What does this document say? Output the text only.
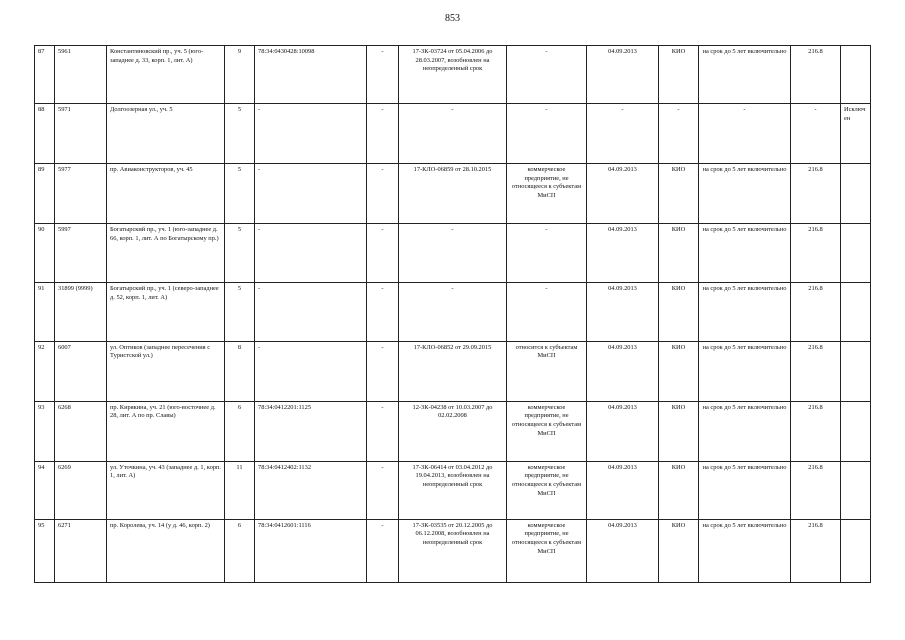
853
87	5961	Константиновский пр., уч. 5 (юго-западнее д. 33, корп. 1, лит. А)	9	78:34:0430428:10098	-	17-ЗК-03724 от 05.04.2006 до 28.03.2007, возобновлен на неопределенный срок	-	04.09.2013	КИО	на срок до 5 лет включительно	216.8	
88	5971	Долгоозерная ул., уч. 5	5	-	-	-	-	-	-	-	-	Исключен
89	5977	пр. Авиаконструкторов, уч. 45	5	-	-	17-КЛО-06859 от 28.10.2015	коммерческое предприятие, не относящееся к субъектам МиСП	04.09.2013	КИО	на срок до 5 лет включительно	216.8	
90	5997	Богатырский пр., уч. 1 (юго-западнее д. 66, корп. 1, лит. А по Богатырскому пр.)	5	-	-	-	-	04.09.2013	КИО	на срок до 5 лет включительно	216.8	
91	31899 (9999)	Богатырский пр., уч. 1 (северо-западнее д. 52, корп. 1, лит. А)	5	-	-	-	-	04.09.2013	КИО	на срок до 5 лет включительно	216.8	
92	6007	ул. Оптиков (западнее пересечения с Туристской ул.)	8	-	-	17-КЛО-06852 от 29.09.2015	относится к субъектам МиСП	04.09.2013	КИО	на срок до 5 лет включительно	216.8	
93	6268	пр. Кирякина, уч. 21 (юго-восточнее д. 28, лит. А по пр. Славы)	6	78:34:0412201:1125	-	12-ЗК-04238 от 10.03.2007 до 02.02.2008	коммерческое предприятие, не относящееся к субъектам МиСП	04.09.2013	КИО	на срок до 5 лет включительно	216.8	
94	6269	ул. Уточкина, уч. 43 (западнее д. 1, корп. 1, лит. А)	11	78:34:0412402:1132	-	17-ЗК-06414 от 03.04.2012 до 19.04.2013, возобновлен на неопределенный срок	коммерческое предприятие, не относящееся к субъектам МиСП	04.09.2013	КИО	на срок до 5 лет включительно	216.8	
95	6271	пр. Королева, уч. 14 (у д. 46, корп. 2)	6	78:34:0412601:1116	-	17-ЗК-03535 от 20.12.2005 до 06.12.2008, возобновлен на неопределенный срок	коммерческое предприятие, не относящееся к субъектам МиСП	04.09.2013	КИО	на срок до 5 лет включительно	216.8	
